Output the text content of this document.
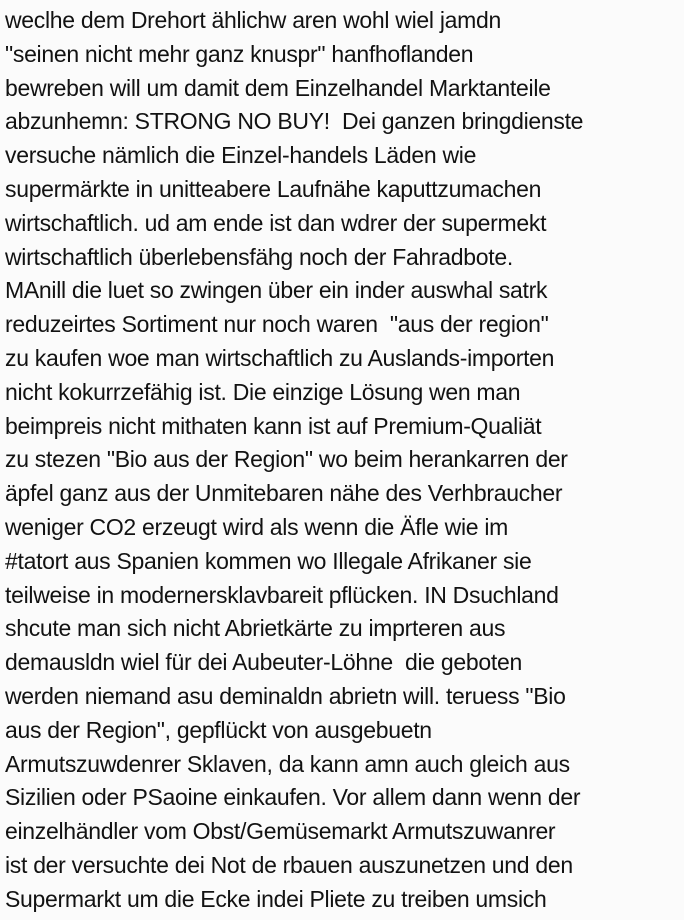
weclhe dem Drehort ählichw aren wohl wiel jamdn
"seinen nicht mehr ganz knuspr" hanfhoflanden
bewreben will um damit dem Einzelhandel Marktanteile
abzunhemn: STRONG NO BUY!  Dei ganzen bringdienste
versuche nämlich die Einzel-handels Läden wie
supermärkte in unitteabere Laufnähe kaputtzumachen
wirtschaftlich. ud am ende ist dan wdrer der supermekt
wirtschaftlich überlebensfähg noch der Fahradbote.
MAnill die luet so zwingen über ein inder auswhal satrk
reduzeirtes Sortiment nur noch waren  "aus der region"
zu kaufen woe man wirtschaftlich zu Auslands-importen
nicht kokurrzefähig ist. Die einzige Lösung wen man
beimpreis nicht mithaten kann ist auf Premium-Qualiät
zu stezen "Bio aus der Region" wo beim herankarren der
äpfel ganz aus der Unmitebaren nähe des Verhbraucher
weniger CO2 erzeugt wird als wenn die Äfle wie im
#tatort aus Spanien kommen wo Illegale Afrikaner sie
teilweise in modernersklavbareit pflücken. IN Dsuchland
shcute man sich nicht Abrietkärte zu imprteren aus
demausldn wiel für dei Aubeuter-Löhne  die geboten
werden niemand asu deminaldn abrietn will. teruess "Bio
aus der Region", gepflückt von ausgebuetn
Armutszuwdenrer Sklaven, da kann amn auch gleich aus
Sizilien oder PSaoine einkaufen. Vor allem dann wenn der
einzelhändler vom Obst/Gemüsemarkt Armutszuwanrer
ist der versuchte dei Not de rbauen auszunetzen und den
Supermarkt um die Ecke indei Pliete zu treiben umsich
